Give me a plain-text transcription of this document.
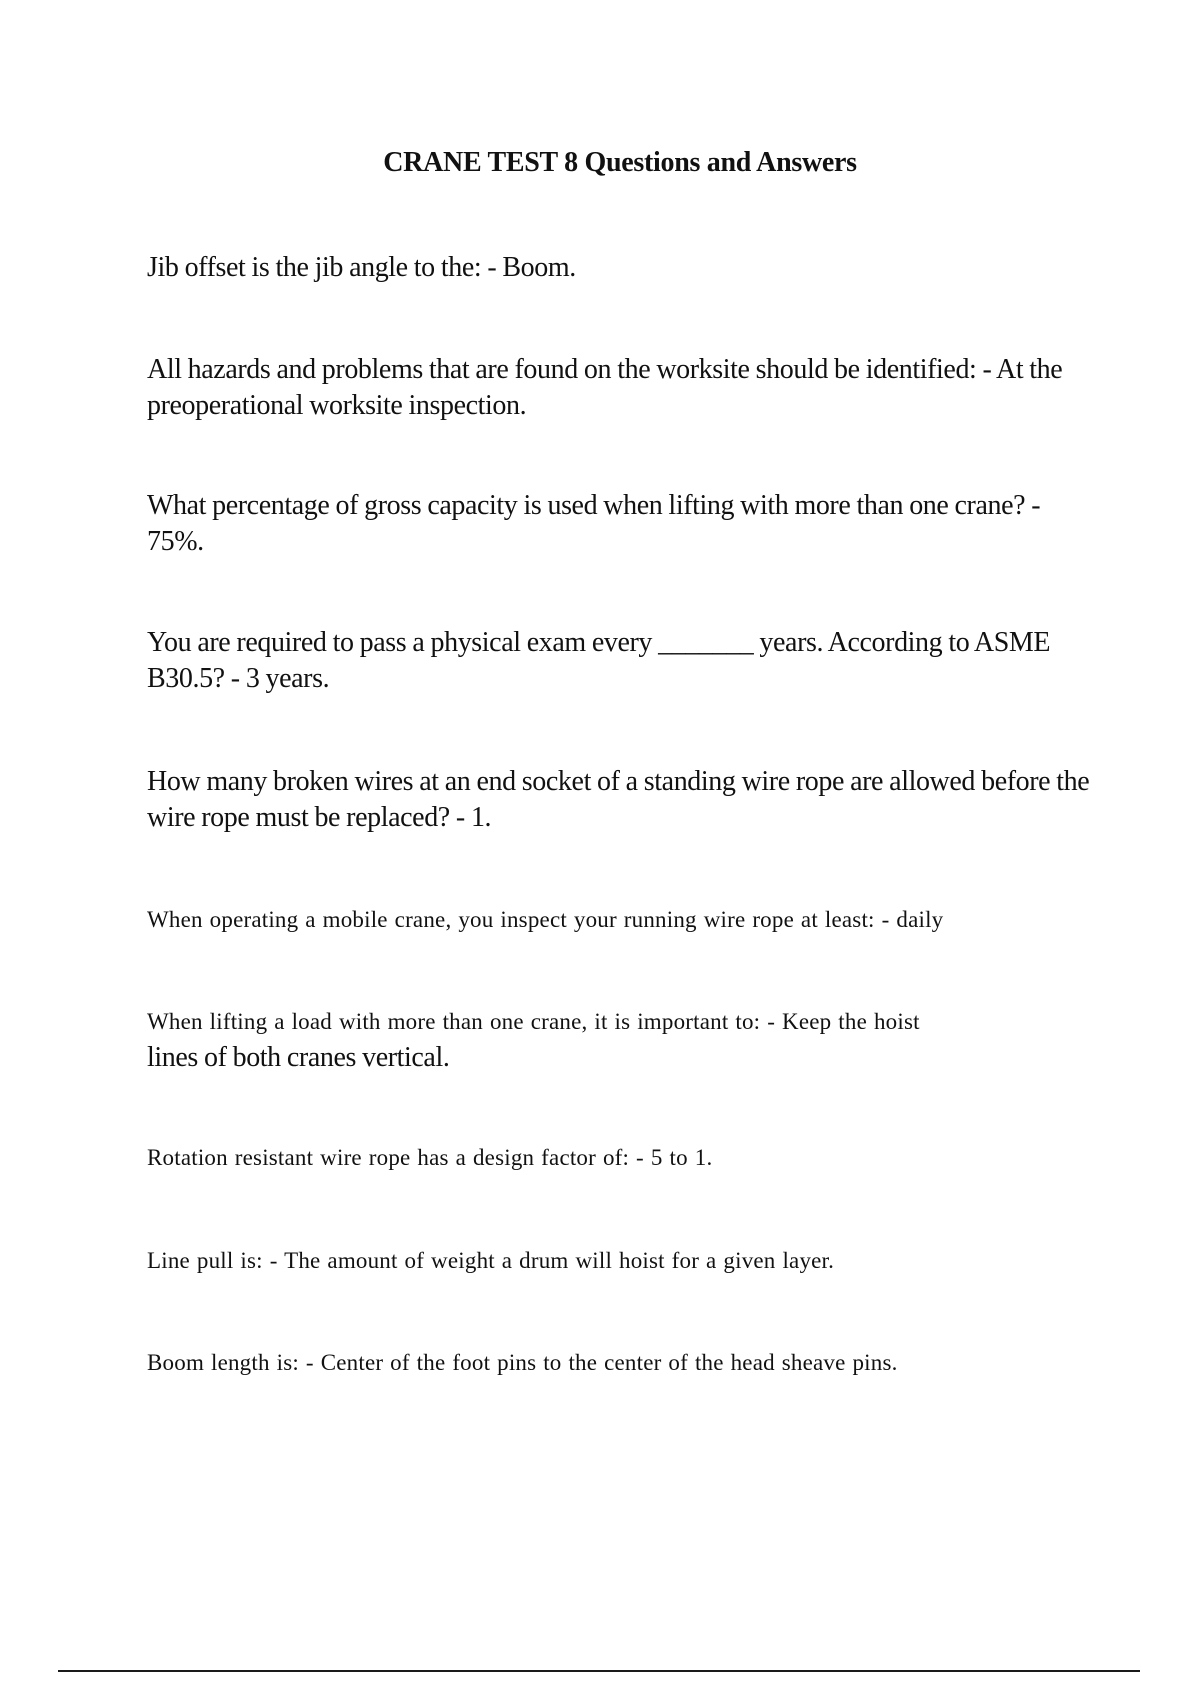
CRANE TEST 8 Questions and Answers
Jib offset is the jib angle to the: - Boom.
All hazards and problems that are found on the worksite should be identified: - At the preoperational worksite inspection.
What percentage of gross capacity is used when lifting with more than one crane? - 75%.
You are required to pass a physical exam every _______ years. According to ASME B30.5? - 3 years.
How many broken wires at an end socket of a standing wire rope are allowed before the wire rope must be replaced? - 1.
When operating a mobile crane, you inspect your running wire rope at least: - daily
When lifting a load with more than one crane, it is important to: - Keep the hoist
lines of both cranes vertical.
Rotation resistant wire rope has a design factor of: - 5 to 1.
Line pull is: - The amount of weight a drum will hoist for a given layer.
Boom length is: - Center of the foot pins to the center of the head sheave pins.
